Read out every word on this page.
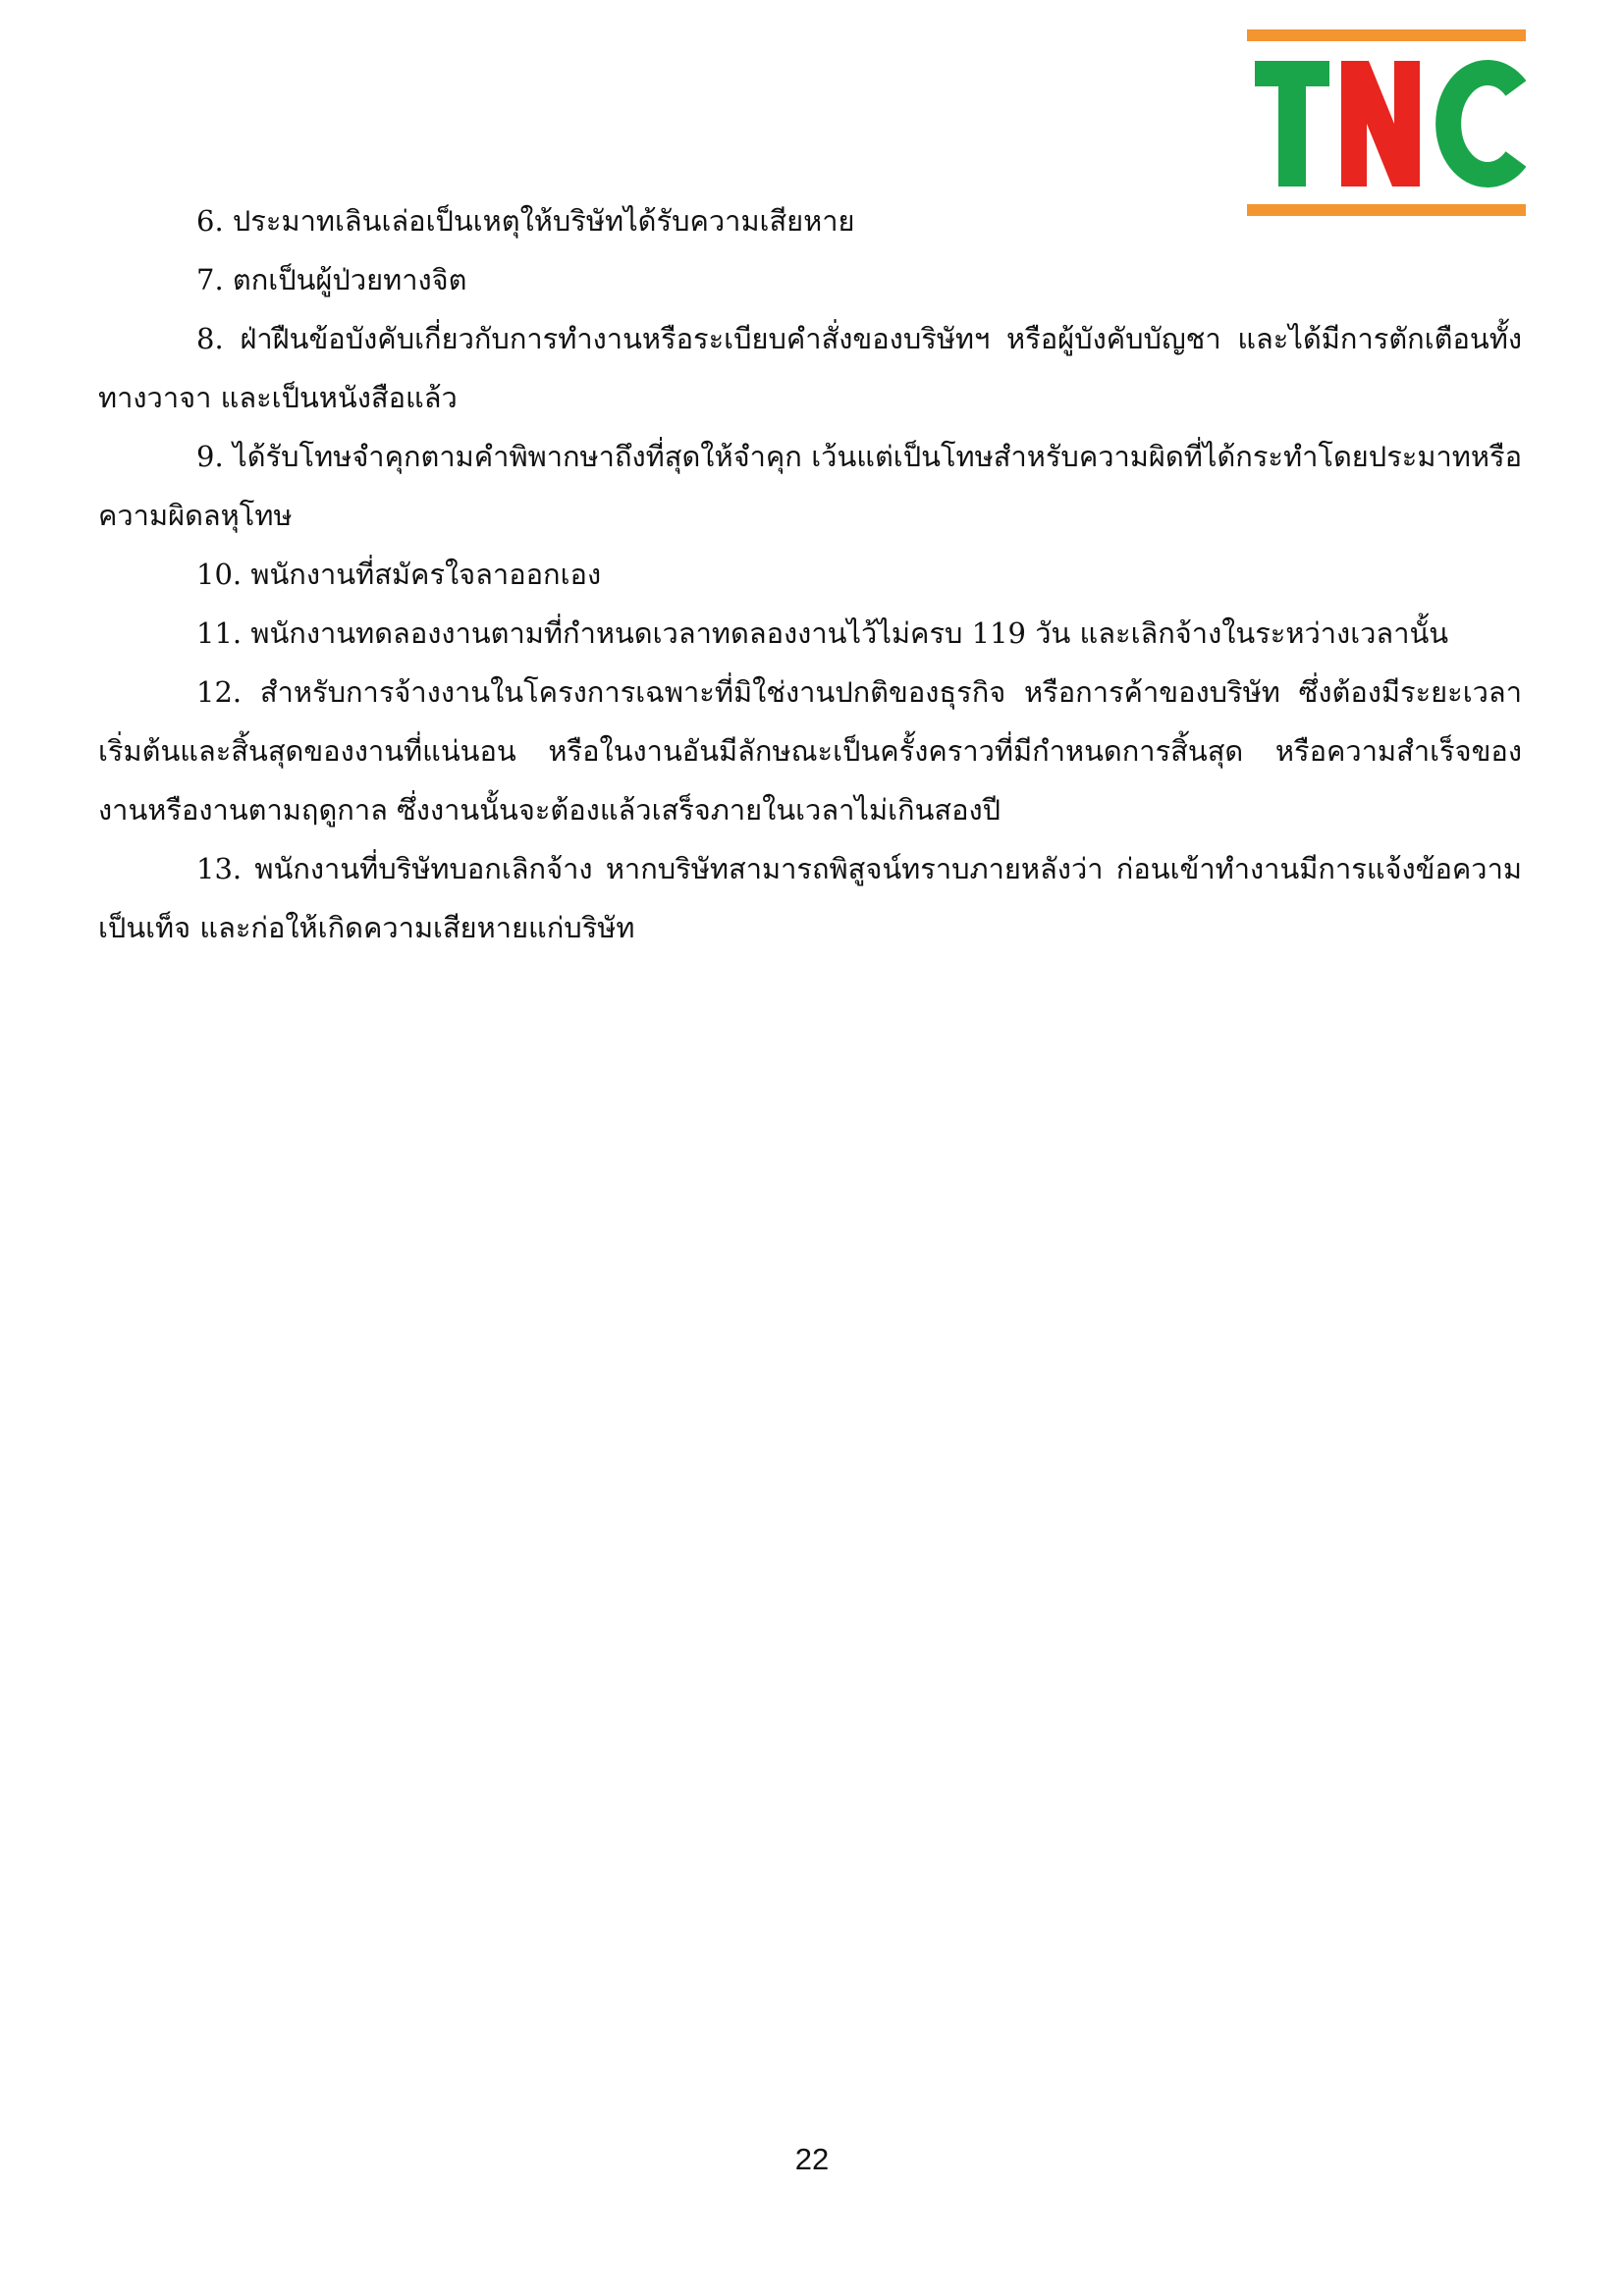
6. ประมาทเลินเล่อเป็นเหตุให้บริษัทได้รับความเสียหาย

7. ตกเป็นผู้ป่วยทางจิต

8. ฝ่าฝืนข้อบังคับเกี่ยวกับการทำงานหรือระเบียบคำสั่งของบริษัทฯ หรือผู้บังคับบัญชา และได้มีการตักเตือนทั้งทางวาจา และเป็นหนังสือแล้ว

9. ได้รับโทษจำคุกตามคำพิพากษาถึงที่สุดให้จำคุก เว้นแต่เป็นโทษสำหรับความผิดที่ได้กระทำโดยประมาทหรือความผิดลหุโทษ

10. พนักงานที่สมัครใจลาออกเอง

11. พนักงานทดลองงานตามที่กำหนดเวลาทดลองงานไว้ไม่ครบ 119 วัน และเลิกจ้างในระหว่างเวลานั้น

12. สำหรับการจ้างงานในโครงการเฉพาะที่มิใช่งานปกติของธุรกิจ หรือการค้าของบริษัท ซึ่งต้องมีระยะเวลาเริ่มต้นและสิ้นสุดของงานที่แน่นอน หรือในงานอันมีลักษณะเป็นครั้งคราวที่มีกำหนดการสิ้นสุด หรือความสำเร็จของงานหรืองานตามฤดูกาล ซึ่งงานนั้นจะต้องแล้วเสร็จภายในเวลาไม่เกินสองปี

13. พนักงานที่บริษัทบอกเลิกจ้าง หากบริษัทสามารถพิสูจน์ทราบภายหลังว่า ก่อนเข้าทำงานมีการแจ้งข้อความเป็นเท็จ และก่อให้เกิดความเสียหายแก่บริษัท

22
